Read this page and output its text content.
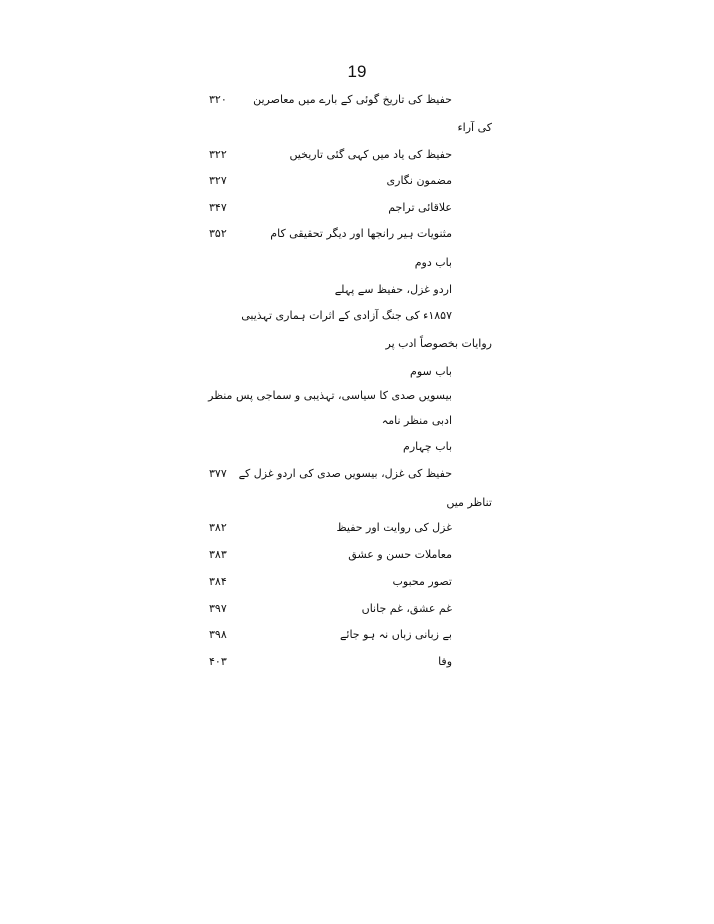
19
حفیظ کی تاریخ گوئی کے بارے میں معاصرین
۳۲۰
کی آراء
حفیظ کی یاد میں کہی گئی تاریخیں
۳۲۲
مضمون نگاری
۳۲۷
علاقائی تراجم
۳۴۷
مثنویات ہیر رانجھا اور دیگر تحقیقی کام
۳۵۲
باب دوم
اردو غزل، حفیظ سے پہلے
۱۸۵۷ء کی جنگ آزادی کے اثرات ہماری تہذیبی
روایات بخصوصاً ادب پر
باب سوم
بیسویں صدی کا سیاسی، تہذیبی و سماجی پس منظر
ادبی منظر نامہ
باب چہارم
حفیظ کی غزل، بیسویں صدی کی اردو غزل کے
۳۷۷
تناظر میں
غزل کی روایت اور حفیظ
۳۸۲
معاملات حسن و عشق
۳۸۳
تصور محبوب
۳۸۴
غم عشق، غم جاناں
۳۹۷
بے زبانی زباں نہ ہو جائے
۳۹۸
وفا
۴۰۳
